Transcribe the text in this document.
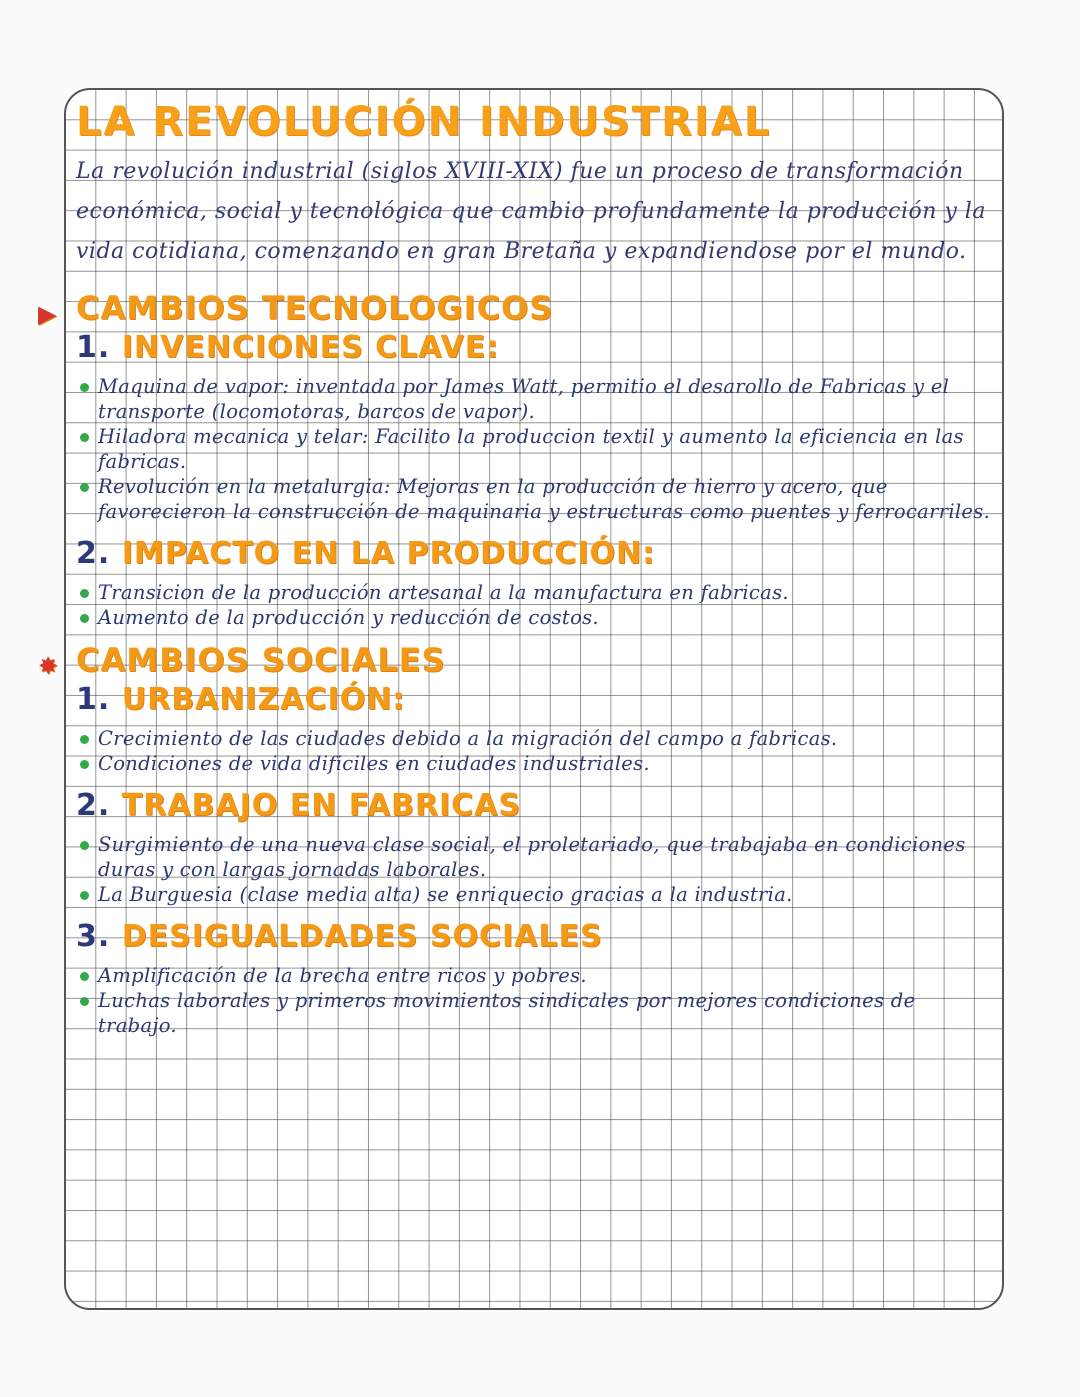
LA REVOLUCIÓN INDUSTRIAL

La revolución industrial (siglos XVIII-XIX) fue un proceso de transformación económica, social y tecnológica que cambio profundamente la producción y la vida cotidiana, comenzando en gran Bretaña y expandiendose por el mundo.

▶ CAMBIOS TECNOLOGICOS
1. INVENCIONES CLAVE:
Maquina de vapor: inventada por James Watt, permitio el desarollo de Fabricas y el transporte (locomotoras, barcos de vapor).
Hiladora mecanica y telar: Facilito la produccion textil y aumento la eficiencia en las fabricas.
Revolución en la metalurgia: Mejoras en la producción de hierro y acero, que favorecieron la construcción de maquinaria y estructuras como puentes y ferrocarriles.
2. IMPACTO EN LA PRODUCCIÓN:
Transicion de la producción artesanal a la manufactura en fabricas.
Aumento de la producción y reducción de costos.
✸ CAMBIOS SOCIALES
1. URBANIZACIÓN:
Crecimiento de las ciudades debido a la migración del campo a fabricas.
Condiciones de vida dificiles en ciudades industriales.
2. TRABAJO EN FABRICAS
Surgimiento de una nueva clase social, el proletariado, que trabajaba en condiciones duras y con largas jornadas laborales.
La Burguesia (clase media alta) se enriquecio gracias a la industria.
3. DESIGUALDADES SOCIALES
Amplificación de la brecha entre ricos y pobres.
Luchas laborales y primeros movimientos sindicales por mejores condiciones de trabajo.
